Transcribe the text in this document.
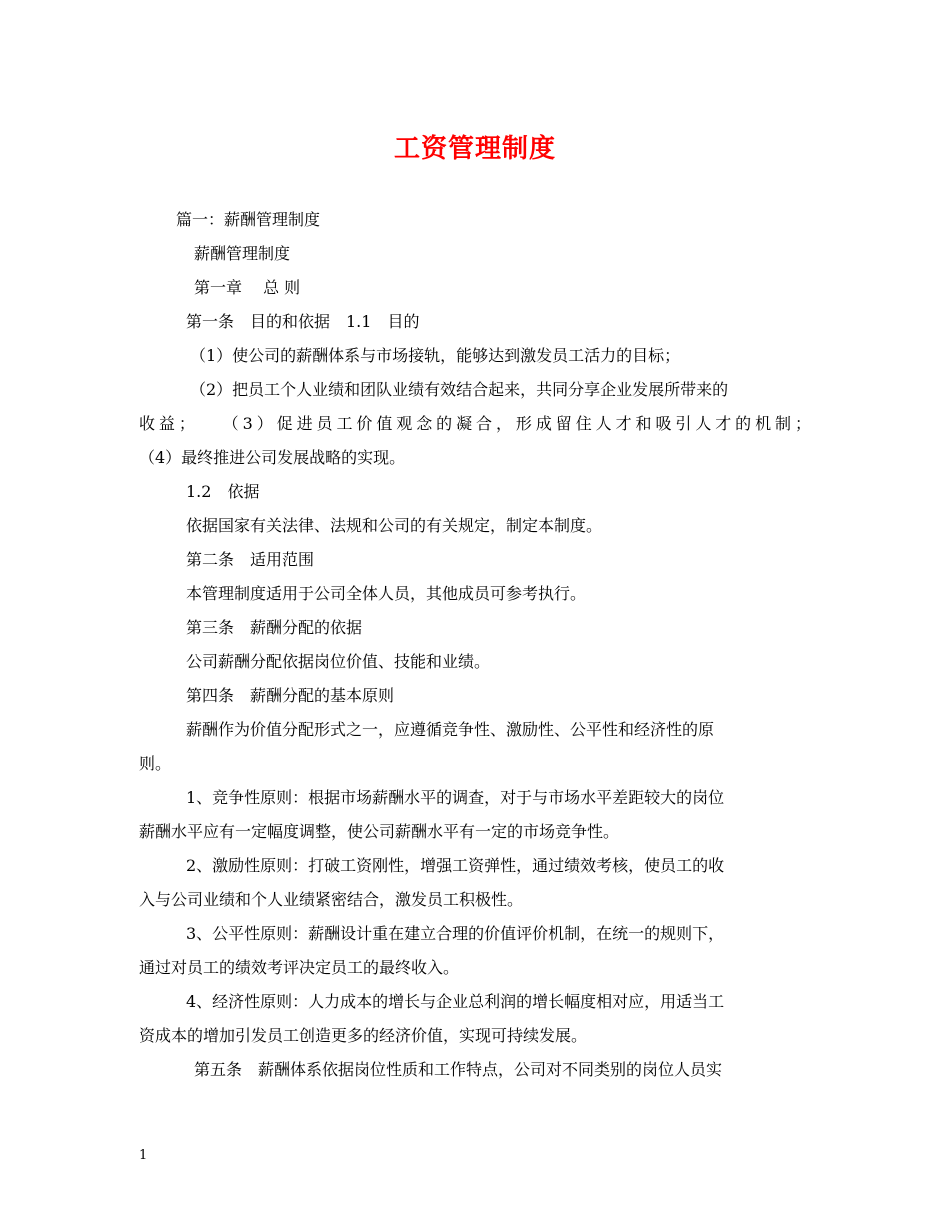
工资管理制度
篇一：薪酬管理制度
薪酬管理制度
第一章　 总 则
第一条　目的和依据　1.1　目的
（1）使公司的薪酬体系与市场接轨，能够达到激发员工活力的目标；
（2）把员工个人业绩和团队业绩有效结合起来，共同分享企业发展所带来的
收益；　　（3）促进员工价值观念的凝合，形成留住人才和吸引人才的机制；
（4）最终推进公司发展战略的实现。
1.2　依据
依据国家有关法律、法规和公司的有关规定，制定本制度。
第二条　适用范围
本管理制度适用于公司全体人员，其他成员可参考执行。
第三条　薪酬分配的依据
公司薪酬分配依据岗位价值、技能和业绩。
第四条　薪酬分配的基本原则
薪酬作为价值分配形式之一，应遵循竞争性、激励性、公平性和经济性的原
则。
1、竞争性原则：根据市场薪酬水平的调查，对于与市场水平差距较大的岗位
薪酬水平应有一定幅度调整，使公司薪酬水平有一定的市场竞争性。
2、激励性原则：打破工资刚性，增强工资弹性，通过绩效考核，使员工的收
入与公司业绩和个人业绩紧密结合，激发员工积极性。
3、公平性原则：薪酬设计重在建立合理的价值评价机制，在统一的规则下，
通过对员工的绩效考评决定员工的最终收入。
4、经济性原则：人力成本的增长与企业总利润的增长幅度相对应，用适当工
资成本的增加引发员工创造更多的经济价值，实现可持续发展。
第五条　薪酬体系依据岗位性质和工作特点，公司对不同类别的岗位人员实
1
